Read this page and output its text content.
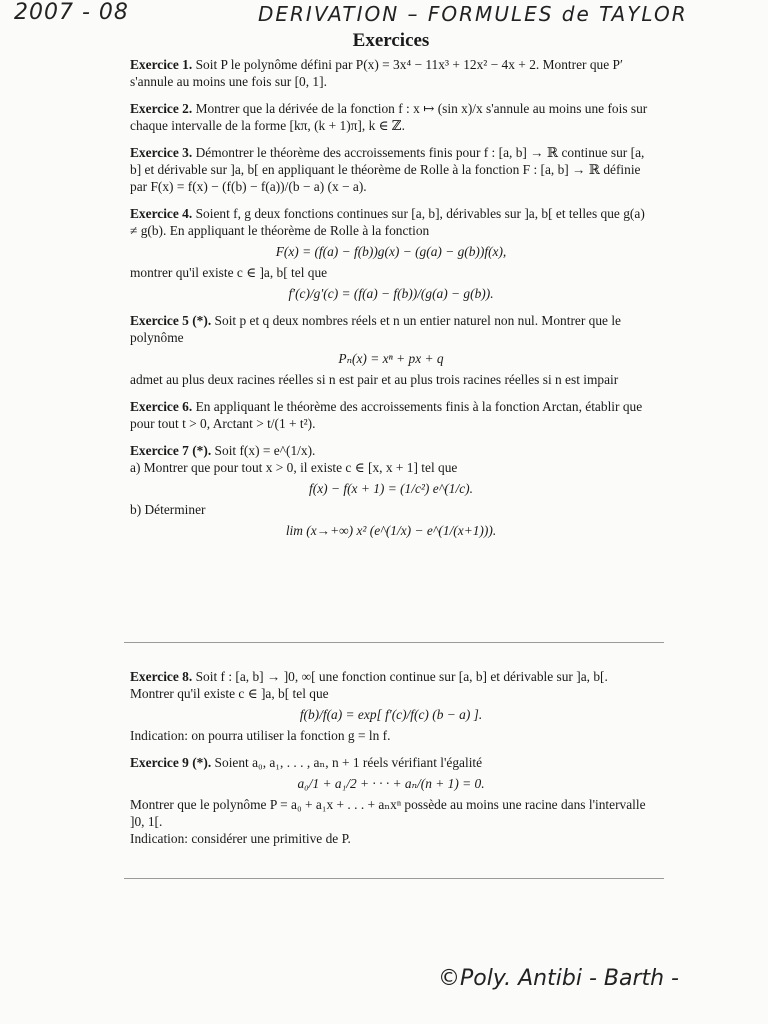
2007 - 08	DERIVATION – FORMULES de TAYLOR
Exercices

Exercice 1. Soit P le polynôme défini par P(x) = 3x⁴ − 11x³ + 12x² − 4x + 2. Montrer que P′ s'annule au moins une fois sur [0, 1].

Exercice 2. Montrer que la dérivée de la fonction f : x ↦ (sin x)/x s'annule au moins une fois sur chaque intervalle de la forme [kπ, (k + 1)π], k ∈ ℤ.

Exercice 3. Démontrer le théorème des accroissements finis pour f : [a, b] → ℝ continue sur [a, b] et dérivable sur ]a, b[ en appliquant le théorème de Rolle à la fonction F : [a, b] → ℝ définie par F(x) = f(x) − (f(b) − f(a))/(b − a) (x − a).

Exercice 4. Soient f, g deux fonctions continues sur [a, b], dérivables sur ]a, b[ et telles que g(a) ≠ g(b). En appliquant le théorème de Rolle à la fonction

F(x) = (f(a) − f(b))g(x) − (g(a) − g(b))f(x),

montrer qu'il existe c ∈ ]a, b[ tel que

f′(c)/g′(c) = (f(a) − f(b))/(g(a) − g(b)).

Exercice 5 (*). Soit p et q deux nombres réels et n un entier naturel non nul. Montrer que le polynôme

Pₙ(x) = xⁿ + px + q

admet au plus deux racines réelles si n est pair et au plus trois racines réelles si n est impair

Exercice 6. En appliquant le théorème des accroissements finis à la fonction Arctan, établir que pour tout t > 0, Arctant > t/(1 + t²).

Exercice 7 (*). Soit f(x) = e^(1/x).

a) Montrer que pour tout x > 0, il existe c ∈ [x, x + 1] tel que

f(x) − f(x + 1) = (1/c²) e^(1/c).

b) Déterminer

lim (x→+∞) x² (e^(1/x) − e^(1/(x+1))).

Exercice 8. Soit f : [a, b] → ]0, ∞[ une fonction continue sur [a, b] et dérivable sur ]a, b[. Montrer qu'il existe c ∈ ]a, b[ tel que

f(b)/f(a) = exp[ f′(c)/f(c) (b − a) ].

Indication: on pourra utiliser la fonction g = ln f.

Exercice 9 (*). Soient a₀, a₁, . . . , aₙ, n + 1 réels vérifiant l'égalité

a₀/1 + a₁/2 + · · · + aₙ/(n + 1) = 0.

Montrer que le polynôme P = a₀ + a₁x + . . . + aₙxⁿ possède au moins une racine dans l'intervalle ]0, 1[.

Indication: considérer une primitive de P.

©Poly. Antibi - Barth -
